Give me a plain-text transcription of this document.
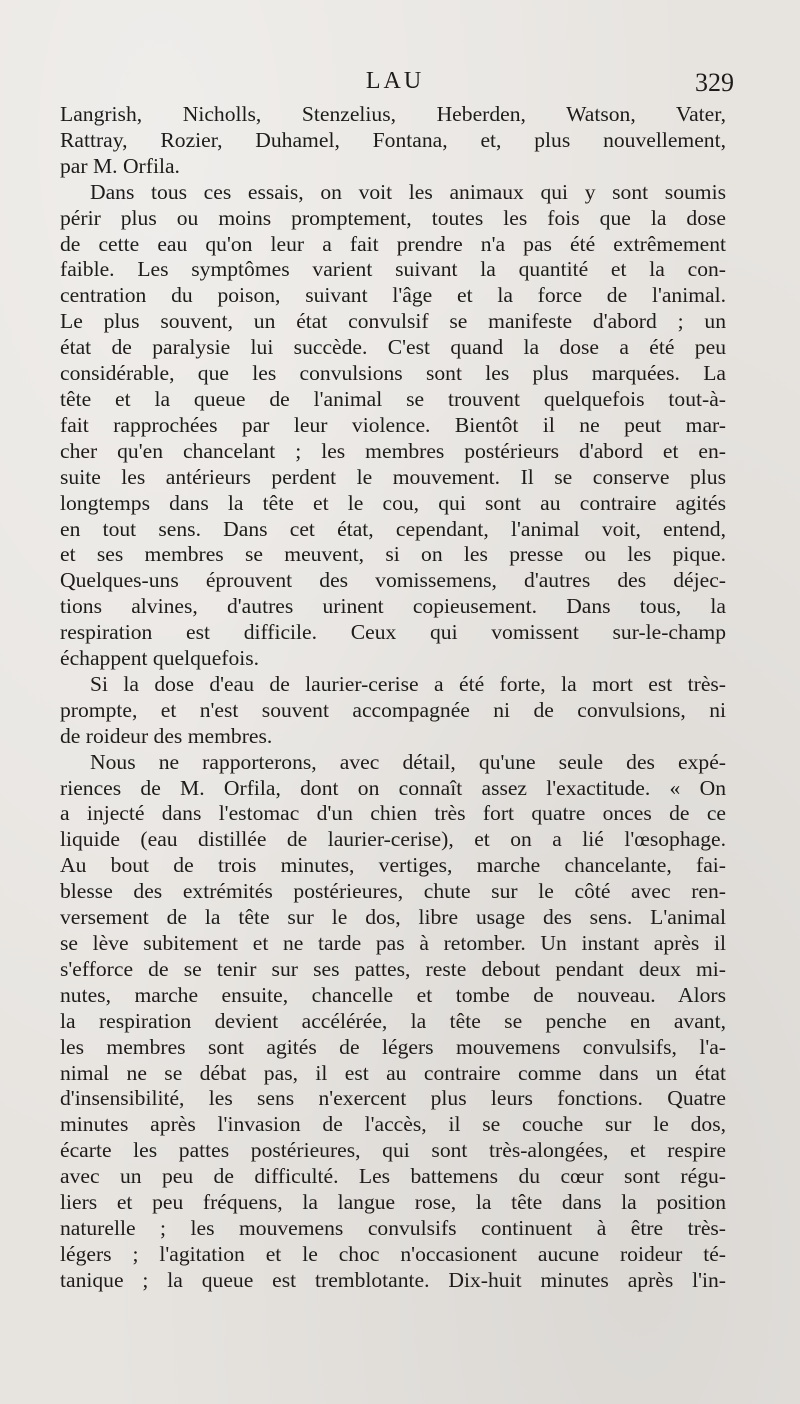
LAU	329
Langrish, Nicholls, Stenzelius, Heberden, Watson, Vater,
Rattray, Rozier, Duhamel, Fontana, et, plus nouvellement,
par M. Orfila.
Dans tous ces essais, on voit les animaux qui y sont soumis
périr plus ou moins promptement, toutes les fois que la dose
de cette eau qu'on leur a fait prendre n'a pas été extrêmement
faible. Les symptômes varient suivant la quantité et la con-
centration du poison, suivant l'âge et la force de l'animal.
Le plus souvent, un état convulsif se manifeste d'abord ; un
état de paralysie lui succède. C'est quand la dose a été peu
considérable, que les convulsions sont les plus marquées. La
tête et la queue de l'animal se trouvent quelquefois tout-à-
fait rapprochées par leur violence. Bientôt il ne peut mar-
cher qu'en chancelant ; les membres postérieurs d'abord et en-
suite les antérieurs perdent le mouvement. Il se conserve plus
longtemps dans la tête et le cou, qui sont au contraire agités
en tout sens. Dans cet état, cependant, l'animal voit, entend,
et ses membres se meuvent, si on les presse ou les pique.
Quelques-uns éprouvent des vomissemens, d'autres des déjec-
tions alvines, d'autres urinent copieusement. Dans tous, la
respiration est difficile. Ceux qui vomissent sur-le-champ
échappent quelquefois.
Si la dose d'eau de laurier-cerise a été forte, la mort est très-
prompte, et n'est souvent accompagnée ni de convulsions, ni
de roideur des membres.
Nous ne rapporterons, avec détail, qu'une seule des expé-
riences de M. Orfila, dont on connaît assez l'exactitude. « On
a injecté dans l'estomac d'un chien très fort quatre onces de ce
liquide (eau distillée de laurier-cerise), et on a lié l'œsophage.
Au bout de trois minutes, vertiges, marche chancelante, fai-
blesse des extrémités postérieures, chute sur le côté avec ren-
versement de la tête sur le dos, libre usage des sens. L'animal
se lève subitement et ne tarde pas à retomber. Un instant après il
s'efforce de se tenir sur ses pattes, reste debout pendant deux mi-
nutes, marche ensuite, chancelle et tombe de nouveau. Alors
la respiration devient accélérée, la tête se penche en avant,
les membres sont agités de légers mouvemens convulsifs, l'a-
nimal ne se débat pas, il est au contraire comme dans un état
d'insensibilité, les sens n'exercent plus leurs fonctions. Quatre
minutes après l'invasion de l'accès, il se couche sur le dos,
écarte les pattes postérieures, qui sont très-alongées, et respire
avec un peu de difficulté. Les battemens du cœur sont régu-
liers et peu fréquens, la langue rose, la tête dans la position
naturelle ; les mouvemens convulsifs continuent à être très-
légers ; l'agitation et le choc n'occasionent aucune roideur té-
tanique ; la queue est tremblotante. Dix-huit minutes après l'in-
